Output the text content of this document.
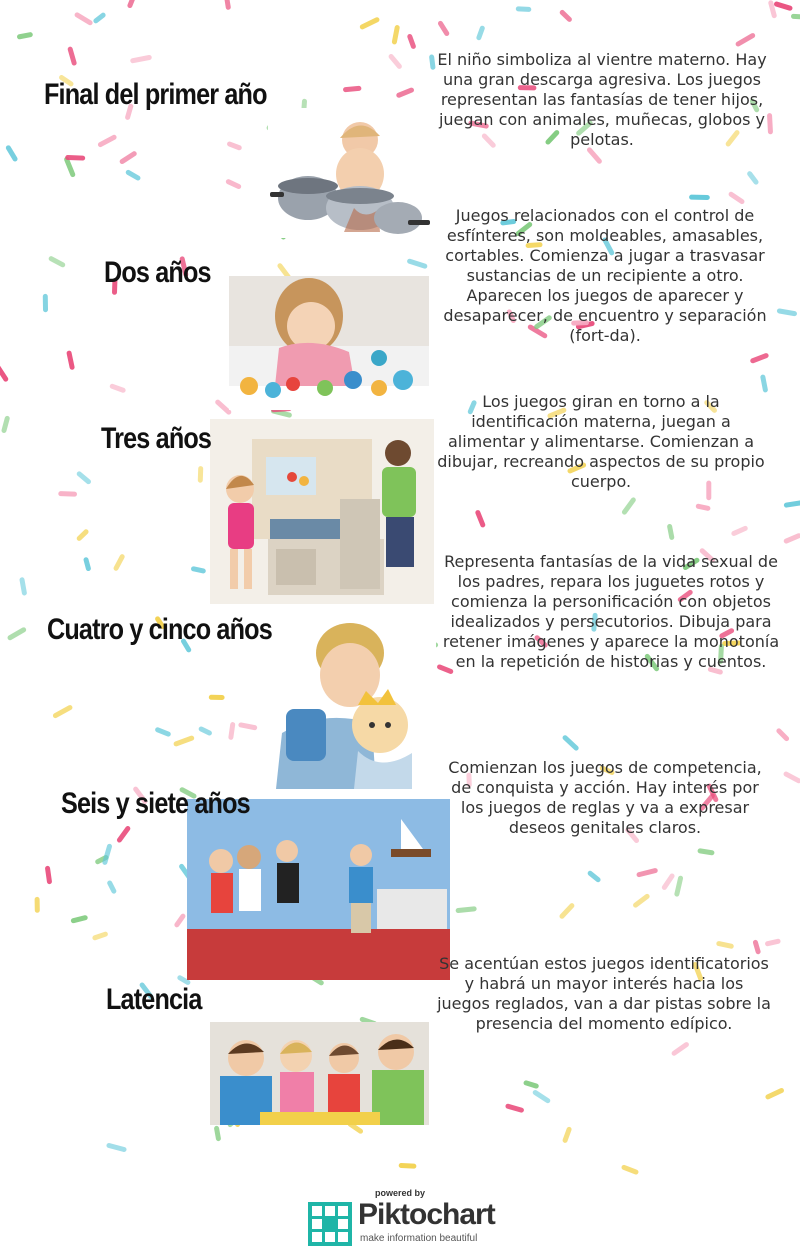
Final del primer año

El niño simboliza al vientre materno. Hay una gran descarga agresiva. Los juegos representan las fantasías de tener hijos, juegan con animales, muñecas, globos y pelotas.

Dos años

Juegos relacionados con el control de esfínteres, son moldeables, amasables, cortables. Comienza a jugar a trasvasar sustancias de un recipiente a otro. Aparecen los juegos de aparecer y desaparecer, de encuentro y separación (fort-da).

Tres años

Los juegos giran en torno a la identificación materna, juegan a alimentar y alimentarse. Comienzan a dibujar, recreando aspectos de su propio cuerpo.

Cuatro y cinco años

Representa fantasías de la vida sexual de los padres, repara los juguetes rotos y comienza la personificación con objetos idealizados y persecutorios. Dibuja para retener imágenes y aparece la monotonía en la repetición de historias y cuentos.

Seis y siete años

Comienzan los juegos de competencia, de conquista y acción. Hay interés por los juegos de reglas y va a expresar deseos genitales claros.

Latencia

Se acentúan estos juegos identificatorios y habrá un mayor interés hacia los juegos reglados, van a dar pistas sobre la presencia del momento edípico.

powered by
Piktochart
make information beautiful
